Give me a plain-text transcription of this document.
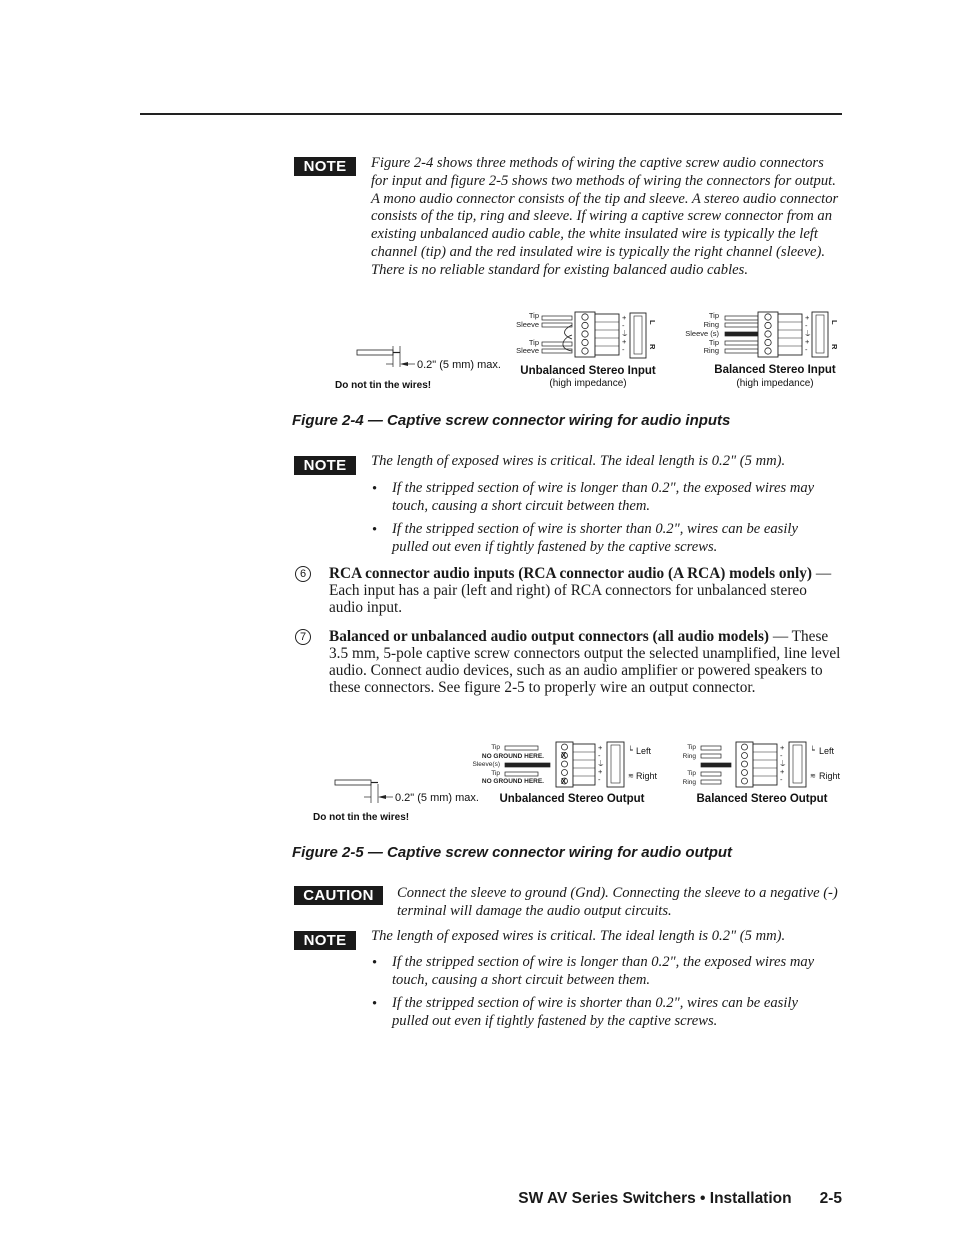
NOTE	Figure 2-4 shows three methods of wiring the captive screw audio connectors for input and figure 2-5 shows two methods of wiring the connectors for output. A mono audio connector consists of the tip and sleeve. A stereo audio connector consists of the tip, ring and sleeve. If wiring a captive screw connector from an existing unbalanced audio cable, the white insulated wire is typically the left channel (tip) and the red insulated wire is typically the right channel (sleeve). There is no reliable standard for existing balanced audio cables.
0.2" (5 mm) max.
Do not tin the wires!
Tip
Sleeve
Tip
Sleeve
+
-
⏚
+
-
L
R
Unbalanced Stereo Input
(high impedance)
Tip
Ring
Sleeve (s)
Tip
Ring
+
-
⏚
+
-
L
R
Balanced Stereo Input
(high impedance)
Figure 2-4 — Captive screw connector wiring for audio inputs
NOTE	The length of exposed wires is critical. The ideal length is 0.2" (5 mm).
• If the stripped section of wire is longer than 0.2", the exposed wires may touch, causing a short circuit between them.
• If the stripped section of wire is shorter than 0.2", wires can be easily pulled out even if tightly fastened by the captive screws.
6	RCA connector audio inputs (RCA connector audio (A RCA) models only) — Each input has a pair (left and right) of RCA connectors for unbalanced stereo audio input.
7	Balanced or unbalanced audio output connectors (all audio models) — These 3.5 mm, 5-pole captive screw connectors output the selected unamplified, line level audio. Connect audio devices, such as an audio amplifier or powered speakers to these connectors. See figure 2-5 to properly wire an output connector.
0.2" (5 mm) max.
Do not tin the wires!
Tip
NO GROUND HERE.
Sleeve(s)
Tip
NO GROUND HERE.
X
X
+
-
⏚
+
-
╘
≋
Left
Right
Unbalanced Stereo Output
Tip
Ring
Tip
Ring
+
-
⏚
+
-
╘
≋
Left
Right
Balanced Stereo Output
Figure 2-5 — Captive screw connector wiring for audio output
CAUTION	Connect the sleeve to ground (Gnd). Connecting the sleeve to a negative (-) terminal will damage the audio output circuits.
NOTE	The length of exposed wires is critical. The ideal length is 0.2" (5 mm).
• If the stripped section of wire is longer than 0.2", the exposed wires may touch, causing a short circuit between them.
• If the stripped section of wire is shorter than 0.2", wires can be easily pulled out even if tightly fastened by the captive screws.
SW AV Series Switchers • Installation 2-5
